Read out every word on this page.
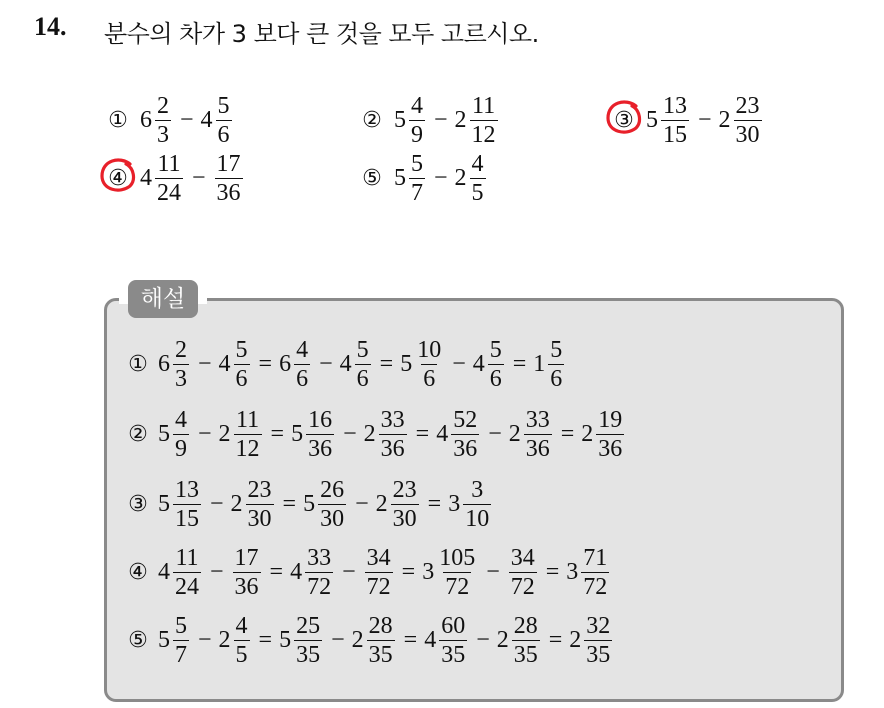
14. 분수의 차가 3 보다 큰 것을 모두 고르시오.
① $6 \frac{2}{3} - 4 \frac{5}{6}$	② $5 \frac{4}{9} - 2 \frac{11}{12}$	③ $5 \frac{13}{15} - 2 \frac{23}{30}$
④ $4 \frac{11}{24} - \frac{17}{36}$	⑤ $5 \frac{5}{7} - 2 \frac{4}{5}$
해설
① $6 \frac{2}{3} - 4 \frac{5}{6} = 6 \frac{4}{6} - 4 \frac{5}{6} = 5 \frac{10}{6} - 4 \frac{5}{6} = 1 \frac{5}{6}$
② $5 \frac{4}{9} - 2 \frac{11}{12} = 5 \frac{16}{36} - 2 \frac{33}{36} = 4 \frac{52}{36} - 2 \frac{33}{36} = 2 \frac{19}{36}$
③ $5 \frac{13}{15} - 2 \frac{23}{30} = 5 \frac{26}{30} - 2 \frac{23}{30} = 3 \frac{3}{10}$
④ $4 \frac{11}{24} - \frac{17}{36} = 4 \frac{33}{72} - \frac{34}{72} = 3 \frac{105}{72} - \frac{34}{72} = 3 \frac{71}{72}$
⑤ $5 \frac{5}{7} - 2 \frac{4}{5} = 5 \frac{25}{35} - 2 \frac{28}{35} = 4 \frac{60}{35} - 2 \frac{28}{35} = 2 \frac{32}{35}$
